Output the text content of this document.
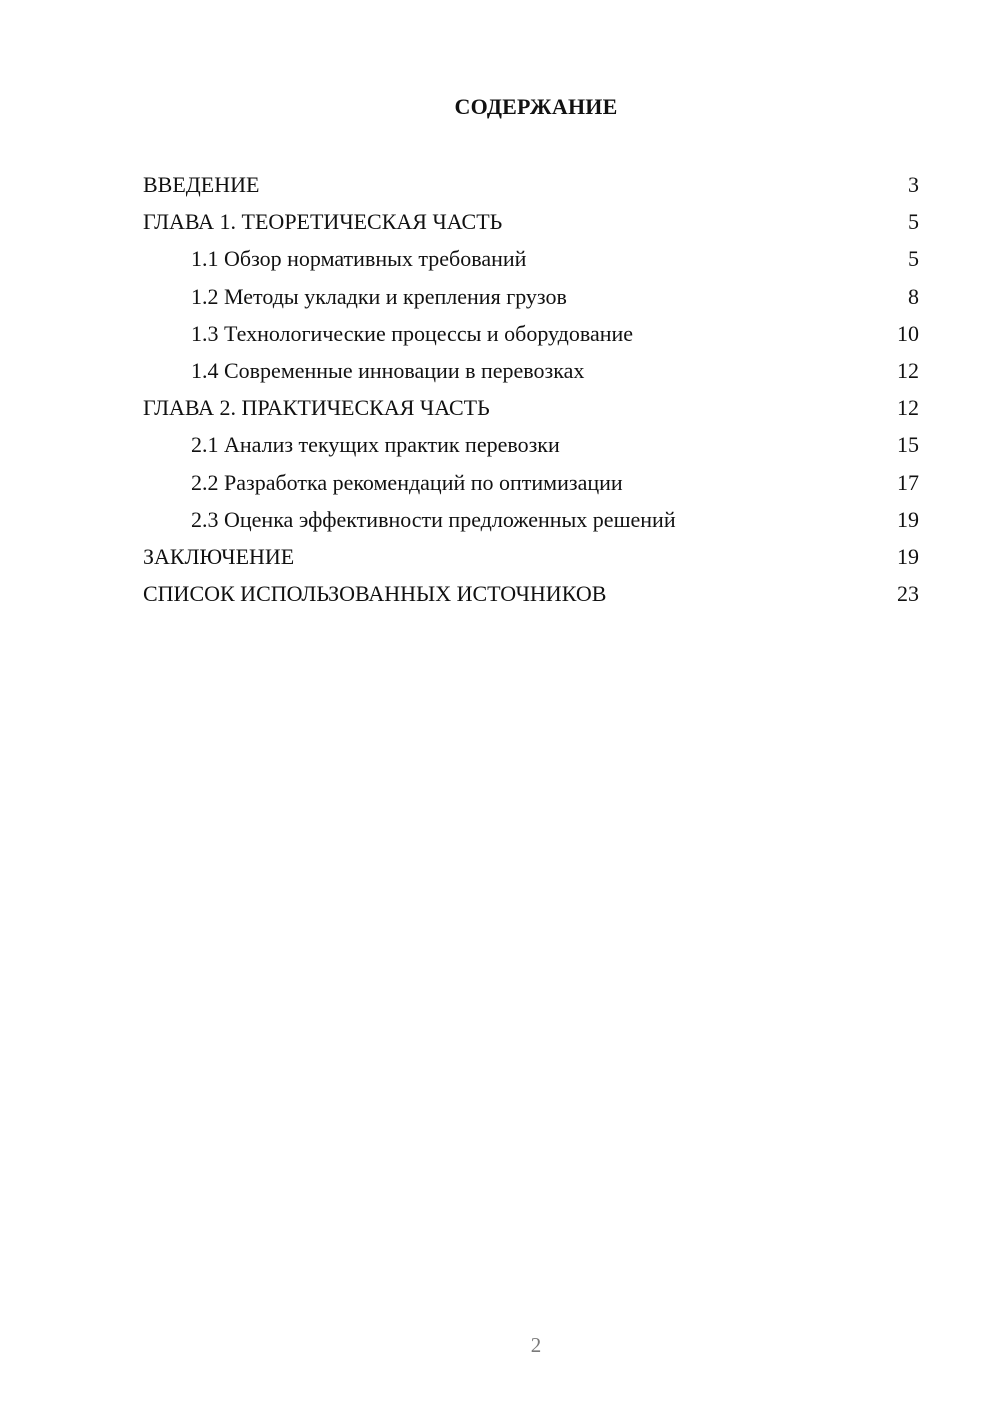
СОДЕРЖАНИЕ
ВВЕДЕНИЕ	3
ГЛАВА 1. ТЕОРЕТИЧЕСКАЯ ЧАСТЬ	5
1.1 Обзор нормативных требований	5
1.2 Методы укладки и крепления грузов	8
1.3 Технологические процессы и оборудование	10
1.4 Современные инновации в перевозках	12
ГЛАВА 2. ПРАКТИЧЕСКАЯ ЧАСТЬ	12
2.1 Анализ текущих практик перевозки	15
2.2 Разработка рекомендаций по оптимизации	17
2.3 Оценка эффективности предложенных решений	19
ЗАКЛЮЧЕНИЕ	19
СПИСОК ИСПОЛЬЗОВАННЫХ ИСТОЧНИКОВ	23
2
